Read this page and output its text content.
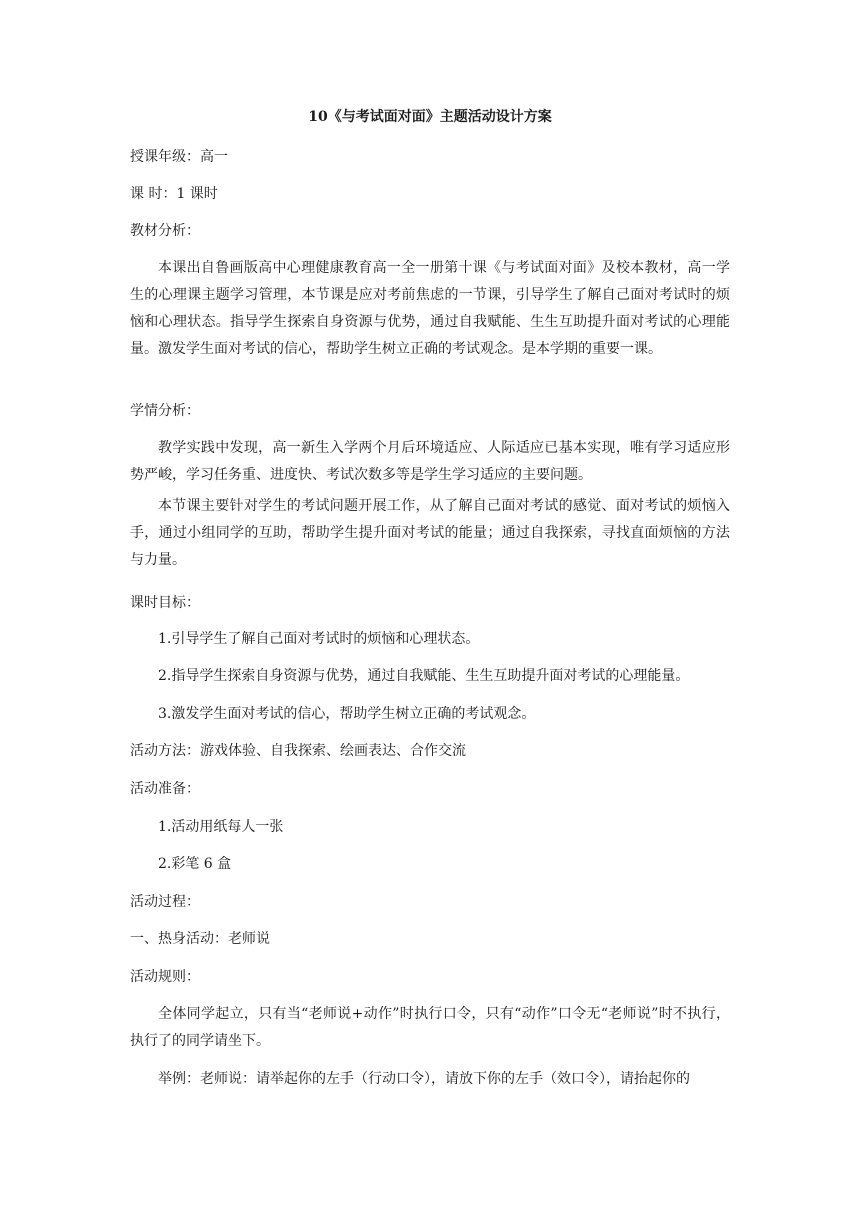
10《与考试面对面》主题活动设计方案
授课年级：高一
课 时：1 课时
教材分析：
本课出自鲁画版高中心理健康教育高一全一册第十课《与考试面对面》及校本教材，高一学生的心理课主题学习管理，本节课是应对考前焦虑的一节课，引导学生了解自己面对考试时的烦恼和心理状态。指导学生探索自身资源与优势，通过自我赋能、生生互助提升面对考试的心理能量。激发学生面对考试的信心，帮助学生树立正确的考试观念。是本学期的重要一课。
学情分析：
教学实践中发现，高一新生入学两个月后环境适应、人际适应已基本实现，唯有学习适应形势严峻，学习任务重、进度快、考试次数多等是学生学习适应的主要问题。
本节课主要针对学生的考试问题开展工作，从了解自己面对考试的感觉、面对考试的烦恼入手，通过小组同学的互助，帮助学生提升面对考试的能量；通过自我探索，寻找直面烦恼的方法与力量。
课时目标：
1.引导学生了解自己面对考试时的烦恼和心理状态。
2.指导学生探索自身资源与优势，通过自我赋能、生生互助提升面对考试的心理能量。
3.激发学生面对考试的信心，帮助学生树立正确的考试观念。
活动方法：游戏体验、自我探索、绘画表达、合作交流
活动准备：
1.活动用纸每人一张
2.彩笔 6 盒
活动过程：
一、热身活动：老师说
活动规则：
全体同学起立，只有当“老师说+动作”时执行口令，只有“动作”口令无“老师说”时不执行，执行了的同学请坐下。
举例：老师说：请举起你的左手（行动口令），请放下你的左手（效口令），请抬起你的
